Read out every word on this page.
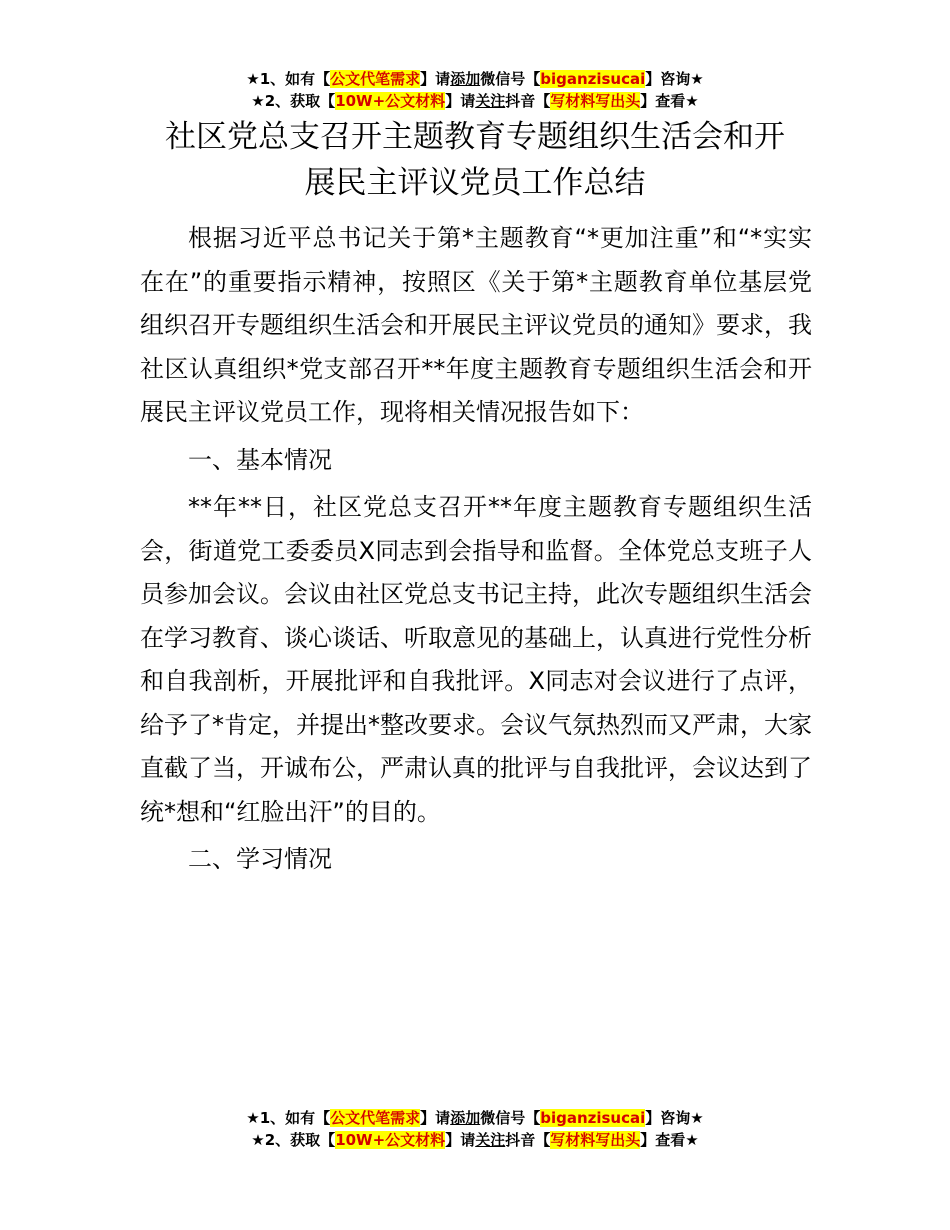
★1、如有【公文代笔需求】请添加微信号【biganzisucai】咨询★
★2、获取【10W+公文材料】请关注抖音【写材料写出头】查看★
社区党总支召开主题教育专题组织生活会和开
展民主评议党员工作总结

根据习近平总书记关于第*主题教育“*更加注重”和“*实实在在”的重要指示精神，按照区《关于第*主题教育单位基层党组织召开专题组织生活会和开展民主评议党员的通知》要求，我社区认真组织*党支部召开**年度主题教育专题组织生活会和开展民主评议党员工作，现将相关情况报告如下：

一、基本情况

**年**日，社区党总支召开**年度主题教育专题组织生活会，街道党工委委员X同志到会指导和监督。全体党总支班子人员参加会议。会议由社区党总支书记主持，此次专题组织生活会在学习教育、谈心谈话、听取意见的基础上，认真进行党性分析和自我剖析，开展批评和自我批评。X同志对会议进行了点评，给予了*肯定，并提出*整改要求。会议气氛热烈而又严肃，大家直截了当，开诚布公，严肃认真的批评与自我批评，会议达到了统*想和“红脸出汗”的目的。

二、学习情况

★1、如有【公文代笔需求】请添加微信号【biganzisucai】咨询★
★2、获取【10W+公文材料】请关注抖音【写材料写出头】查看★
